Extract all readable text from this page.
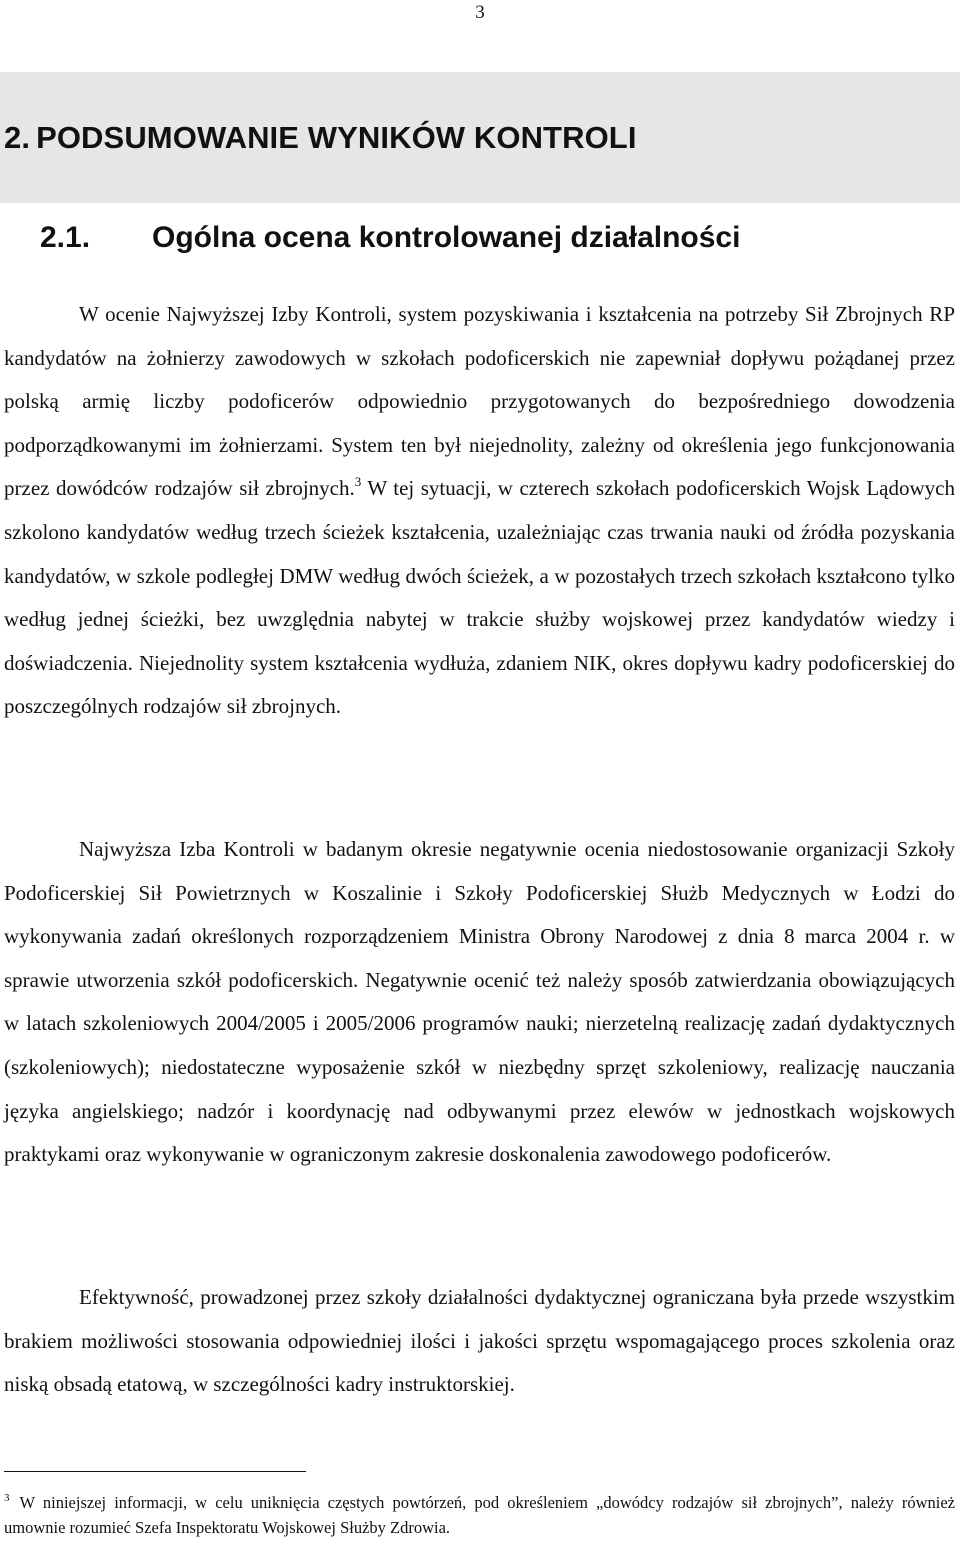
3
2. PODSUMOWANIE WYNIKÓW KONTROLI
2.1. Ogólna ocena kontrolowanej działalności

W ocenie Najwyższej Izby Kontroli, system pozyskiwania i kształcenia na potrzeby Sił Zbrojnych RP kandydatów na żołnierzy zawodowych w szkołach podoficerskich nie zapewniał dopływu pożądanej przez polską armię liczby podoficerów odpowiednio przygotowanych do bezpośredniego dowodzenia podporządkowanymi im żołnierzami. System ten był niejednolity, zależny od określenia jego funkcjonowania przez dowódców rodzajów sił zbrojnych.$^3$ W tej sytuacji, w czterech szkołach podoficerskich Wojsk Lądowych szkolono kandydatów według trzech ścieżek kształcenia, uzależniając czas trwania nauki od źródła pozyskania kandydatów, w szkole podległej DMW według dwóch ścieżek, a w pozostałych trzech szkołach kształcono tylko według jednej ścieżki, bez uwzględnia nabytej w trakcie służby wojskowej przez kandydatów wiedzy i doświadczenia. Niejednolity system kształcenia wydłuża, zdaniem NIK, okres dopływu kadry podoficerskiej do poszczególnych rodzajów sił zbrojnych.

Najwyższa Izba Kontroli w badanym okresie negatywnie ocenia niedostosowanie organizacji Szkoły Podoficerskiej Sił Powietrznych w Koszalinie i Szkoły Podoficerskiej Służb Medycznych w Łodzi do wykonywania zadań określonych rozporządzeniem Ministra Obrony Narodowej z dnia 8 marca 2004 r. w sprawie utworzenia szkół podoficerskich. Negatywnie ocenić też należy sposób zatwierdzania obowiązujących w latach szkoleniowych 2004/2005 i 2005/2006 programów nauki; nierzetelną realizację zadań dydaktycznych (szkoleniowych); niedostateczne wyposażenie szkół w niezbędny sprzęt szkoleniowy, realizację nauczania języka angielskiego; nadzór i koordynację nad odbywanymi przez elewów w jednostkach wojskowych praktykami oraz wykonywanie w ograniczonym zakresie doskonalenia zawodowego podoficerów.

Efektywność, prowadzonej przez szkoły działalności dydaktycznej ograniczana była przede wszystkim brakiem możliwości stosowania odpowiedniej ilości i jakości sprzętu wspomagającego proces szkolenia oraz niską obsadą etatową, w szczególności kadry instruktorskiej.

$^3$ W niniejszej informacji, w celu uniknięcia częstych powtórzeń, pod określeniem „dowódcy rodzajów sił zbrojnych”, należy również umownie rozumieć Szefa Inspektoratu Wojskowej Służby Zdrowia.
